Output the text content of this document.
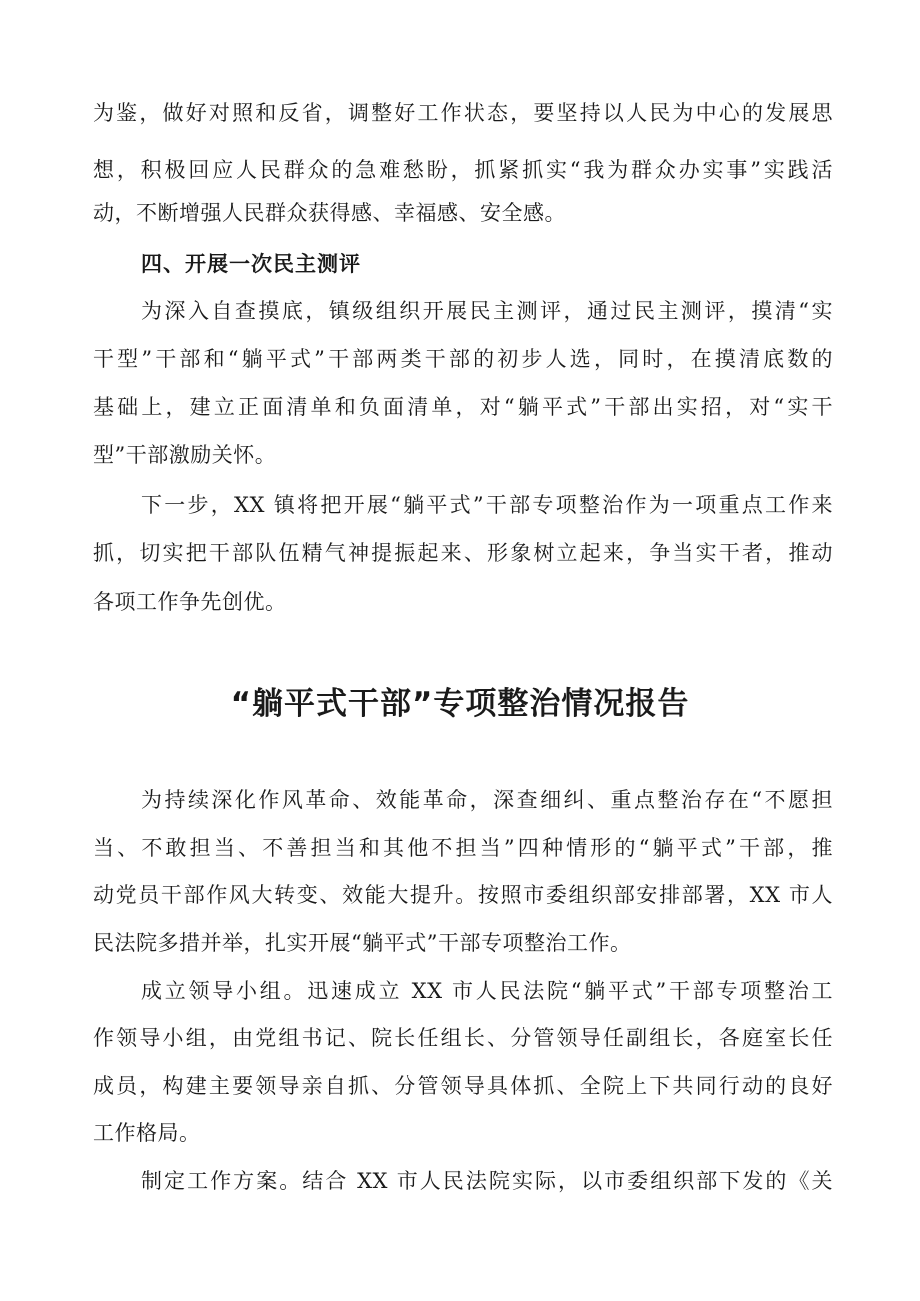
为鉴，做好对照和反省，调整好工作状态，要坚持以人民为中心的发展思
想，积极回应人民群众的急难愁盼，抓紧抓实“我为群众办实事”实践活
动，不断增强人民群众获得感、幸福感、安全感。
四、开展一次民主测评
为深入自查摸底，镇级组织开展民主测评，通过民主测评，摸清“实
干型”干部和“躺平式”干部两类干部的初步人选，同时，在摸清底数的
基础上，建立正面清单和负面清单，对“躺平式”干部出实招，对“实干
型”干部激励关怀。
下一步，XX 镇将把开展“躺平式”干部专项整治作为一项重点工作来
抓，切实把干部队伍精气神提振起来、形象树立起来，争当实干者，推动
各项工作争先创优。
“躺平式干部”专项整治情况报告
为持续深化作风革命、效能革命，深查细纠、重点整治存在“不愿担
当、不敢担当、不善担当和其他不担当”四种情形的“躺平式”干部，推
动党员干部作风大转变、效能大提升。按照市委组织部安排部署，XX 市人
民法院多措并举，扎实开展“躺平式”干部专项整治工作。
成立领导小组。迅速成立 XX 市人民法院“躺平式”干部专项整治工
作领导小组，由党组书记、院长任组长、分管领导任副组长，各庭室长任
成员，构建主要领导亲自抓、分管领导具体抓、全院上下共同行动的良好
工作格局。
制定工作方案。结合 XX 市人民法院实际，以市委组织部下发的《关
